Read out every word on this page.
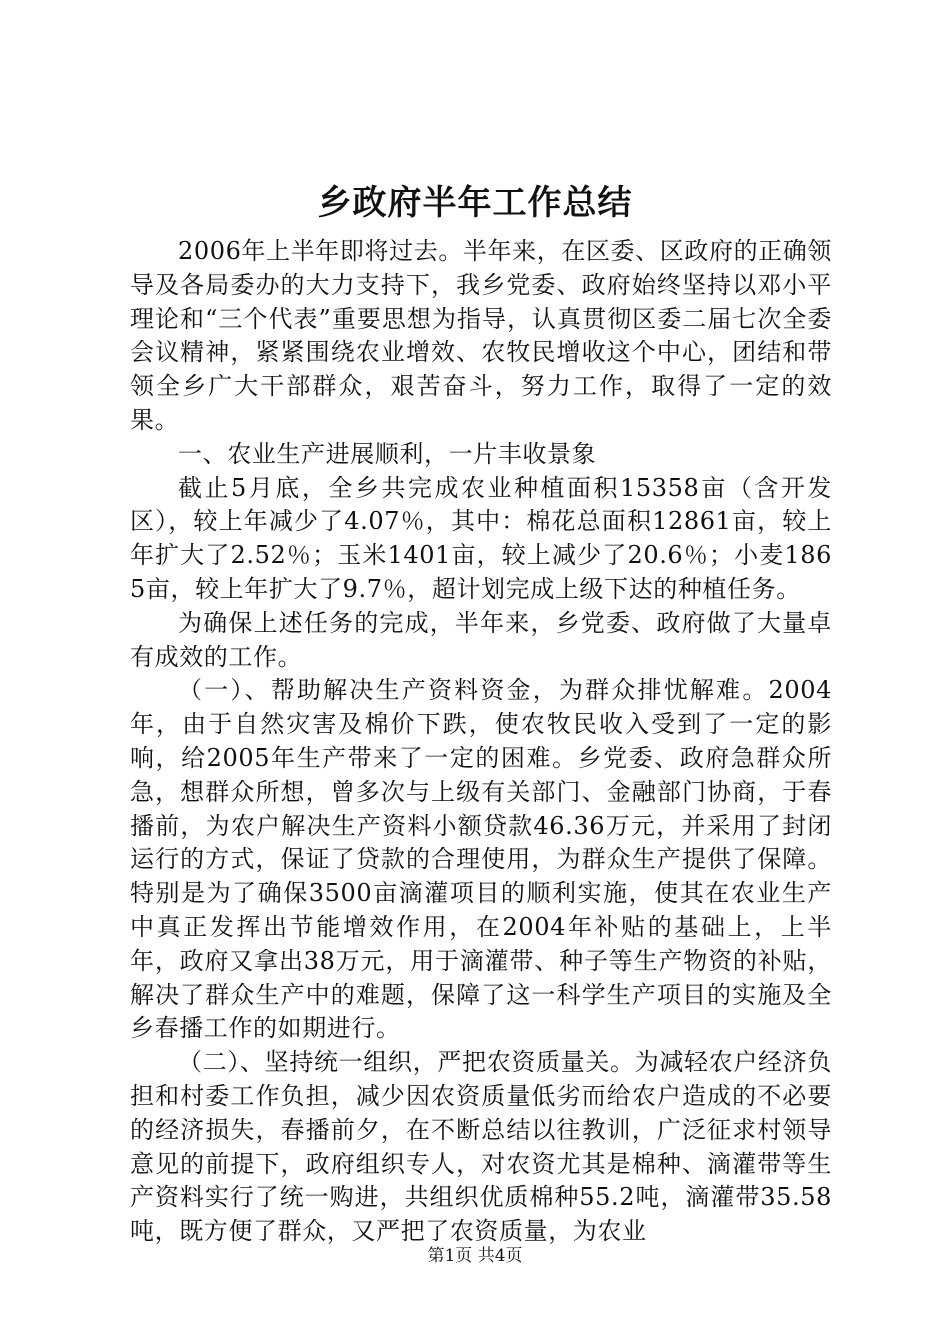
乡政府半年工作总结

2006年上半年即将过去。半年来，在区委、区政府的正确领导及各局委办的大力支持下，我乡党委、政府始终坚持以邓小平理论和“三个代表”重要思想为指导，认真贯彻区委二届七次全委会议精神，紧紧围绕农业增效、农牧民增收这个中心，团结和带领全乡广大干部群众，艰苦奋斗，努力工作，取得了一定的效果。

一、农业生产进展顺利，一片丰收景象

截止5月底，全乡共完成农业种植面积15358亩（含开发区），较上年减少了4.07％，其中：棉花总面积12861亩，较上年扩大了2.52％；玉米1401亩，较上减少了20.6％；小麦1865亩，较上年扩大了9.7％，超计划完成上级下达的种植任务。

为确保上述任务的完成，半年来，乡党委、政府做了大量卓有成效的工作。

（一）、帮助解决生产资料资金，为群众排忧解难。2004年，由于自然灾害及棉价下跌，使农牧民收入受到了一定的影响，给2005年生产带来了一定的困难。乡党委、政府急群众所急，想群众所想，曾多次与上级有关部门、金融部门协商，于春播前，为农户解决生产资料小额贷款46.36万元，并采用了封闭运行的方式，保证了贷款的合理使用，为群众生产提供了保障。特别是为了确保3500亩滴灌项目的顺利实施，使其在农业生产中真正发挥出节能增效作用，在2004年补贴的基础上，上半年，政府又拿出38万元，用于滴灌带、种子等生产物资的补贴，解决了群众生产中的难题，保障了这一科学生产项目的实施及全乡春播工作的如期进行。

（二）、坚持统一组织，严把农资质量关。为减轻农户经济负担和村委工作负担，减少因农资质量低劣而给农户造成的不必要的经济损失，春播前夕，在不断总结以往教训，广泛征求村领导意见的前提下，政府组织专人，对农资尤其是棉种、滴灌带等生产资料实行了统一购进，共组织优质棉种55.2吨，滴灌带35.58吨，既方便了群众，又严把了农资质量，为农业

第1页 共4页
